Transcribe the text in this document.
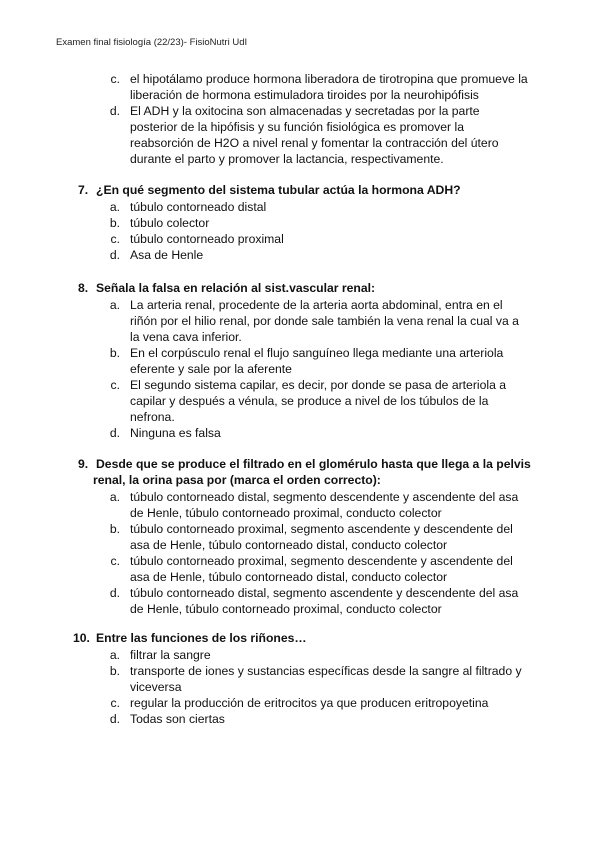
Examen final fisiología (22/23)- FisioNutri UdI
c. el hipotálamo produce hormona liberadora de tirotropina que promueve la
liberación de hormona estimuladora tiroides por la neurohipófisis
d. El ADH y la oxitocina son almacenadas y secretadas por la parte
posterior de la hipófisis y su función fisiológica es promover la
reabsorción de H2O a nivel renal y fomentar la contracción del útero
durante el parto y promover la lactancia, respectivamente.
7. ¿En qué segmento del sistema tubular actúa la hormona ADH?
a. túbulo contorneado distal
b. túbulo colector
c. túbulo contorneado proximal
d. Asa de Henle
8. Señala la falsa en relación al sist.vascular renal:
a. La arteria renal, procedente de la arteria aorta abdominal, entra en el
riñón por el hilio renal, por donde sale también la vena renal la cual va a
la vena cava inferior.
b. En el corpúsculo renal el flujo sanguíneo llega mediante una arteriola
eferente y sale por la aferente
c. El segundo sistema capilar, es decir, por donde se pasa de arteriola a
capilar y después a vénula, se produce a nivel de los túbulos de la
nefrona.
d. Ninguna es falsa
9. Desde que se produce el filtrado en el glomérulo hasta que llega a la pelvis
renal, la orina pasa por (marca el orden correcto):
a. túbulo contorneado distal, segmento descendente y ascendente del asa
de Henle, túbulo contorneado proximal, conducto colector
b. túbulo contorneado proximal, segmento ascendente y descendente del
asa de Henle, túbulo contorneado distal, conducto colector
c. túbulo contorneado proximal, segmento descendente y ascendente del
asa de Henle, túbulo contorneado distal, conducto colector
d. túbulo contorneado distal, segmento ascendente y descendente del asa
de Henle, túbulo contorneado proximal, conducto colector
10. Entre las funciones de los riñones…
a. filtrar la sangre
b. transporte de iones y sustancias específicas desde la sangre al filtrado y
viceversa
c. regular la producción de eritrocitos ya que producen eritropoyetina
d. Todas son ciertas
